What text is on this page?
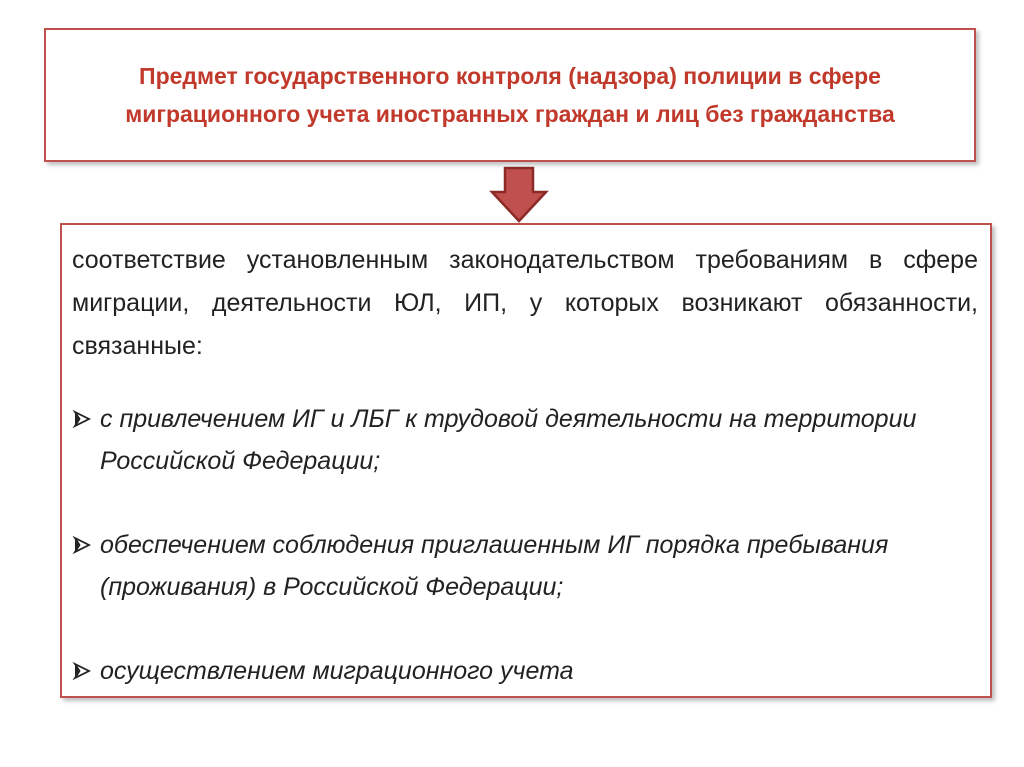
Предмет государственного контроля (надзора) полиции в сфере миграционного учета иностранных граждан и лиц без гражданства

соответствие установленным законодательством требованиям в сфере миграции, деятельности ЮЛ, ИП, у которых возникают обязанности, связанные:

с привлечением ИГ и ЛБГ к трудовой деятельности на территории Российской Федерации;
обеспечением соблюдения приглашенным ИГ порядка пребывания (проживания) в Российской Федерации;
осуществлением миграционного учета
